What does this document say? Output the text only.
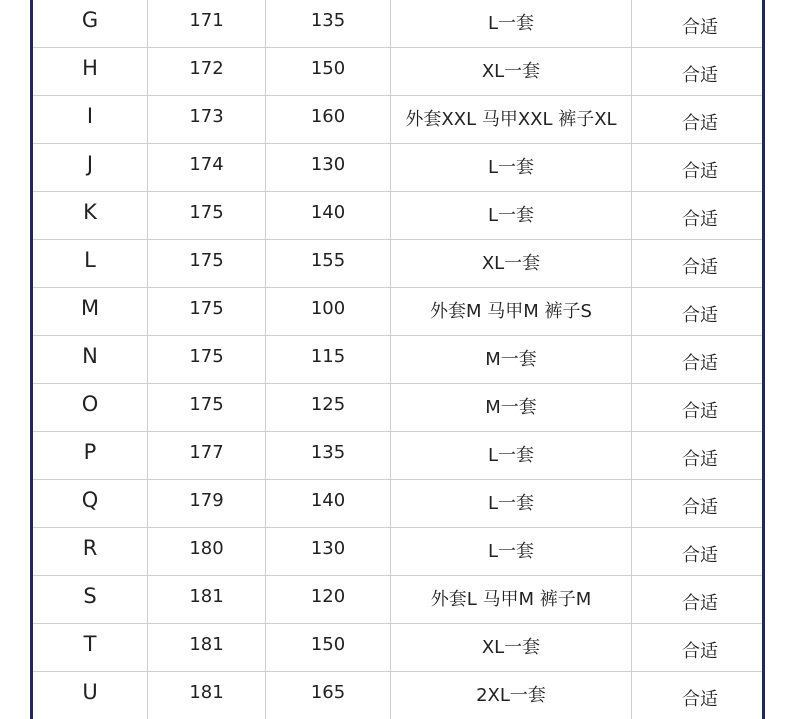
G	171	135	L一套	合适
H	172	150	XL一套	合适
I	173	160	外套XXL 马甲XXL 裤子XL	合适
J	174	130	L一套	合适
K	175	140	L一套	合适
L	175	155	XL一套	合适
M	175	100	外套M 马甲M 裤子S	合适
N	175	115	M一套	合适
O	175	125	M一套	合适
P	177	135	L一套	合适
Q	179	140	L一套	合适
R	180	130	L一套	合适
S	181	120	外套L 马甲M 裤子M	合适
T	181	150	XL一套	合适
U	181	165	2XL一套	合适
